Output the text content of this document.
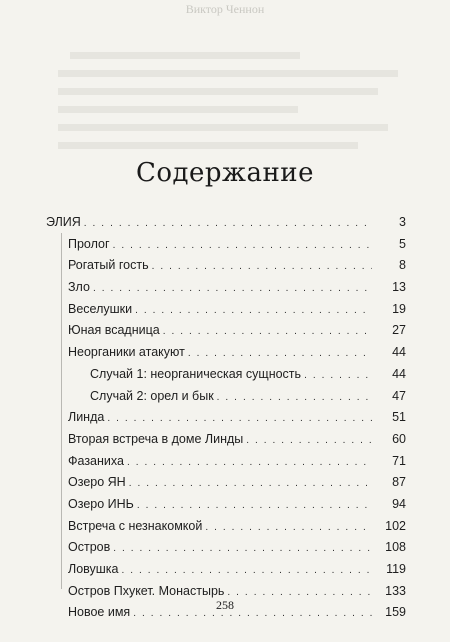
Виктор Ченнон
Содержание
ЭЛИЯ . . .	3
Пролог . . .	5
Рогатый гость . . .	8
Зло . . .	13
Веселушки . . .	19
Юная всадница . . .	27
Неорганики атакуют . . .	44
Случай 1: неорганическая сущность . . .	44
Случай 2: орел и бык . . .	47
Линда . . .	51
Вторая встреча в доме Линды . . .	60
Фазаниха . . .	71
Озеро ЯН . . .	87
Озеро ИНЬ . . .	94
Встреча с незнакомкой . . .	102
Остров . . .	108
Ловушка . . .	119
Остров Пхукет. Монастырь . . .	133
Новое имя . . .	159
258
